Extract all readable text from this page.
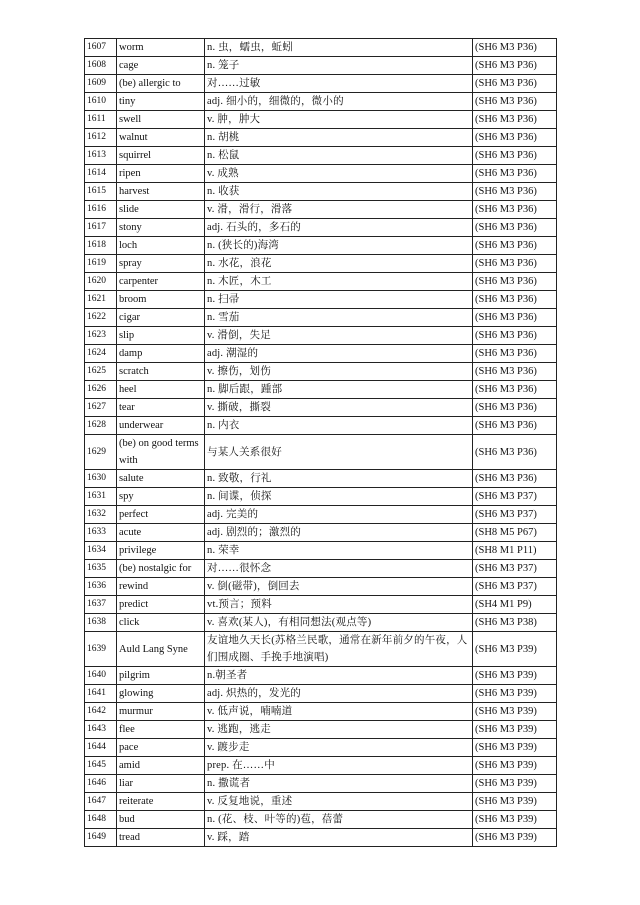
1607	worm	n. 虫，蠕虫，蚯蚓	(SH6 M3 P36)
1608	cage	n. 笼子	(SH6 M3 P36)
1609	(be) allergic to	对……过敏	(SH6 M3 P36)
1610	tiny	adj. 细小的，细微的，微小的	(SH6 M3 P36)
1611	swell	v. 肿，肿大	(SH6 M3 P36)
1612	walnut	n. 胡桃	(SH6 M3 P36)
1613	squirrel	n. 松鼠	(SH6 M3 P36)
1614	ripen	v. 成熟	(SH6 M3 P36)
1615	harvest	n. 收获	(SH6 M3 P36)
1616	slide	v. 滑，滑行，滑落	(SH6 M3 P36)
1617	stony	adj. 石头的，多石的	(SH6 M3 P36)
1618	loch	n. (狭长的)海湾	(SH6 M3 P36)
1619	spray	n. 水花，浪花	(SH6 M3 P36)
1620	carpenter	n. 木匠，木工	(SH6 M3 P36)
1621	broom	n. 扫帚	(SH6 M3 P36)
1622	cigar	n. 雪茄	(SH6 M3 P36)
1623	slip	v. 滑倒，失足	(SH6 M3 P36)
1624	damp	adj. 潮湿的	(SH6 M3 P36)
1625	scratch	v. 擦伤，划伤	(SH6 M3 P36)
1626	heel	n. 脚后跟，踵部	(SH6 M3 P36)
1627	tear	v. 撕破，撕裂	(SH6 M3 P36)
1628	underwear	n. 内衣	(SH6 M3 P36)
1629	(be) on good terms with	与某人关系很好	(SH6 M3 P36)
1630	salute	n. 致敬，行礼	(SH6 M3 P36)
1631	spy	n. 间谍，侦探	(SH6 M3 P37)
1632	perfect	adj. 完美的	(SH6 M3 P37)
1633	acute	adj. 剧烈的；激烈的	(SH8 M5 P67)
1634	privilege	n. 荣幸	(SH8 M1 P11)
1635	(be) nostalgic for	对……很怀念	(SH6 M3 P37)
1636	rewind	v. 倒(磁带)，倒回去	(SH6 M3 P37)
1637	predict	vt.预言；预料	(SH4 M1 P9)
1638	click	v. 喜欢(某人)，有相同想法(观点等)	(SH6 M3 P38)
1639	Auld Lang Syne	友谊地久天长(苏格兰民歌，通常在新年前夕的午夜，人们围成圈、手挽手地演唱)	(SH6 M3 P39)
1640	pilgrim	n.朝圣者	(SH6 M3 P39)
1641	glowing	adj. 炽热的，发光的	(SH6 M3 P39)
1642	murmur	v. 低声说，喃喃道	(SH6 M3 P39)
1643	flee	v. 逃跑，逃走	(SH6 M3 P39)
1644	pace	v. 踱步走	(SH6 M3 P39)
1645	amid	prep. 在……中	(SH6 M3 P39)
1646	liar	n. 撒谎者	(SH6 M3 P39)
1647	reiterate	v. 反复地说，重述	(SH6 M3 P39)
1648	bud	n. (花、枝、叶等的)苞，蓓蕾	(SH6 M3 P39)
1649	tread	v. 踩，踏	(SH6 M3 P39)
